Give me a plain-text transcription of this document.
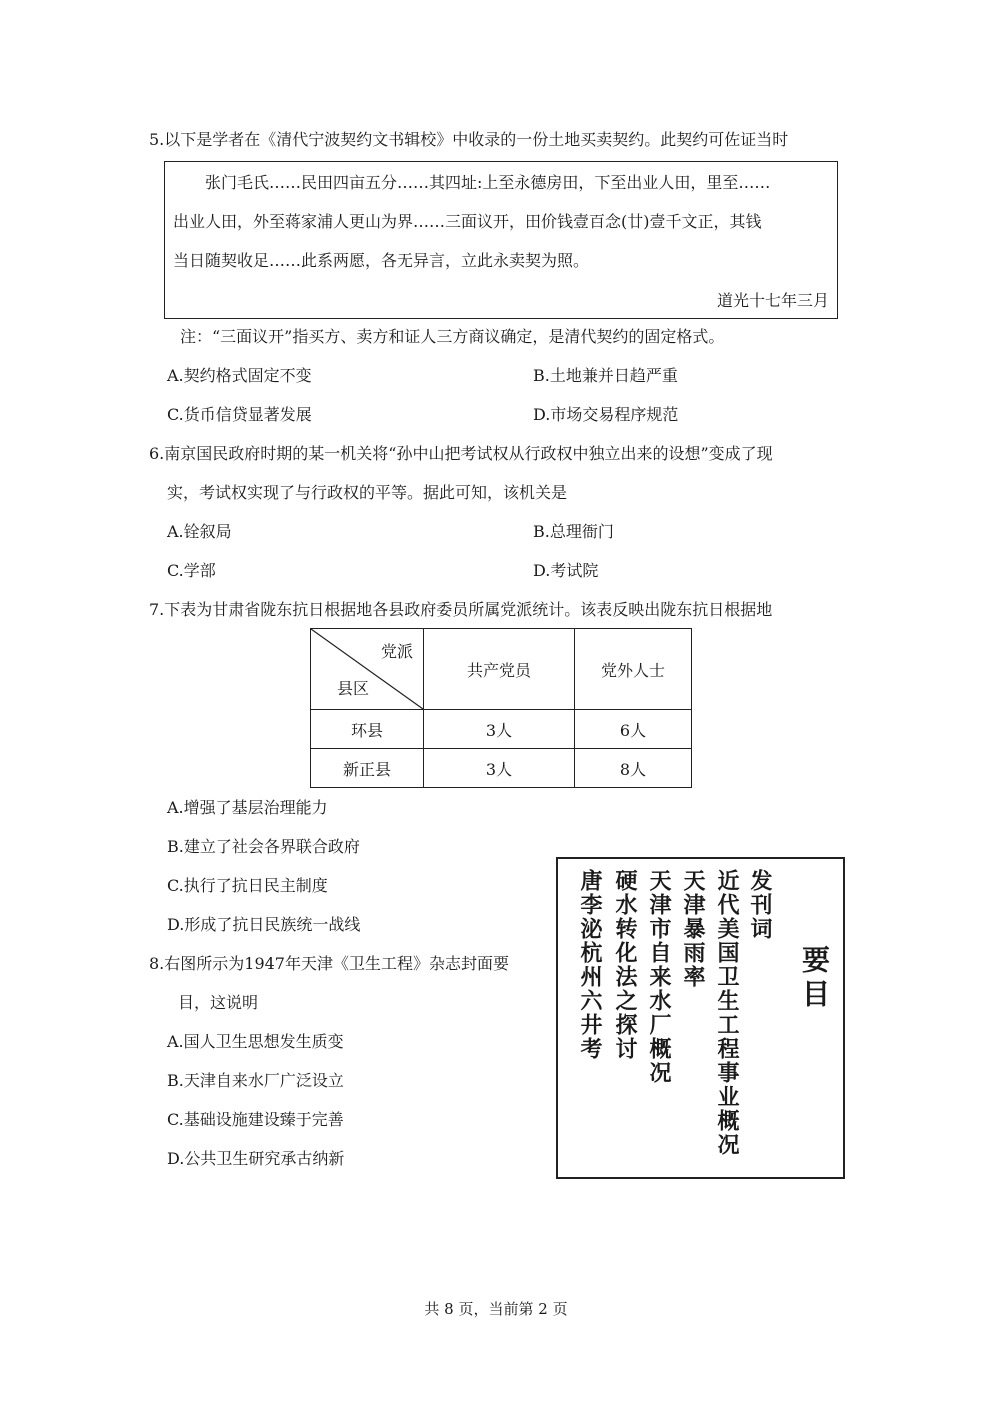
5.以下是学者在《清代宁波契约文书辑校》中收录的一份土地买卖契约。此契约可佐证当时
张门毛氏……民田四亩五分……其四址:上至永德房田，下至出业人田，里至……
出业人田，外至蒋家浦人更山为界……三面议开，田价钱壹百念(廿)壹千文正，其钱
当日随契收足……此系两愿，各无异言，立此永卖契为照。
道光十七年三月
注：“三面议开”指买方、卖方和证人三方商议确定，是清代契约的固定格式。
A.契约格式固定不变	B.土地兼并日趋严重
C.货币信贷显著发展	D.市场交易程序规范
6.南京国民政府时期的某一机关将“孙中山把考试权从行政权中独立出来的设想”变成了现
实，考试权实现了与行政权的平等。据此可知，该机关是
A.铨叙局	B.总理衙门
C.学部	D.考试院
7.下表为甘肃省陇东抗日根据地各县政府委员所属党派统计。该表反映出陇东抗日根据地
党派
县区	共产党员	党外人士
环县	3人	6人
新正县	3人	8人
A.增强了基层治理能力
B.建立了社会各界联合政府
C.执行了抗日民主制度
D.形成了抗日民族统一战线
8.右图所示为1947年天津《卫生工程》杂志封面要
目，这说明
A.国人卫生思想发生质变
B.天津自来水厂广泛设立
C.基础设施建设臻于完善
D.公共卫生研究承古纳新
要目
发刊词
近代美国卫生工程事业概况
天津暴雨率
天津市自来水厂概况
硬水转化法之探讨
唐李泌杭州六井考
共 8 页，当前第 2 页
